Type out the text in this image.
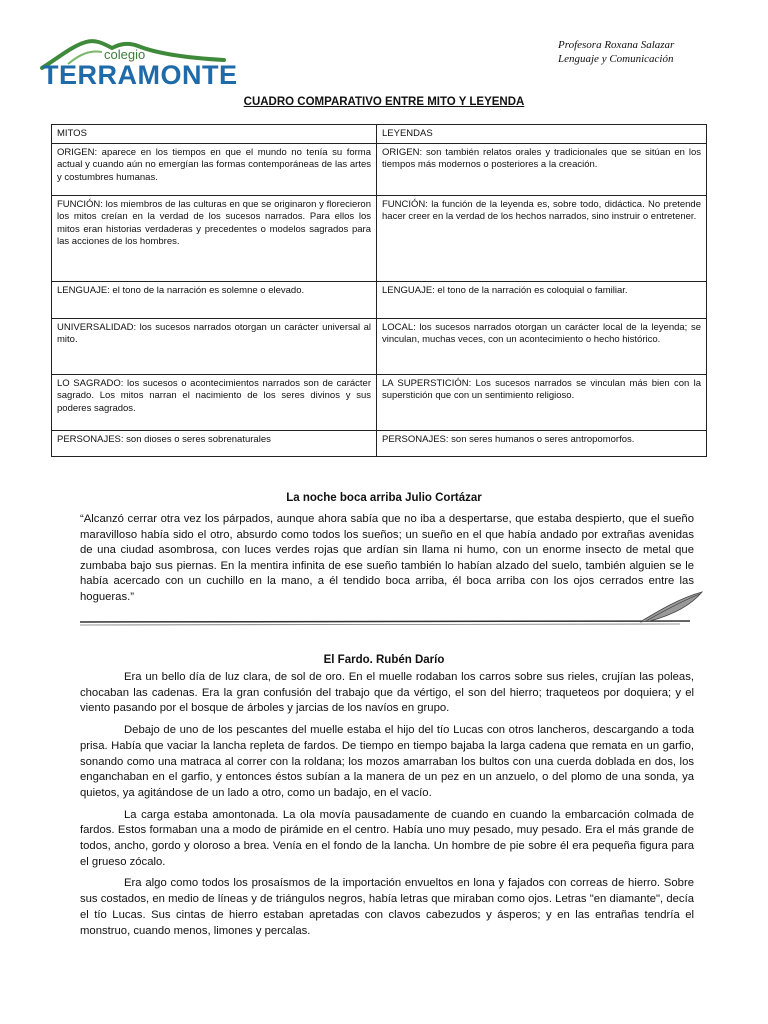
colegio
TERRAMONTE
Profesora Roxana Salazar
Lenguaje y Comunicación
CUADRO COMPARATIVO ENTRE MITO Y LEYENDA
MITOS	LEYENDAS
ORIGEN: aparece en los tiempos en que el mundo no tenía su forma actual y cuando aún no emergían las formas contemporáneas de las artes y costumbres humanas.	ORIGEN: son también relatos orales y tradicionales que se sitúan en los tiempos más modernos o posteriores a la creación.
FUNCIÓN: los miembros de las culturas en que se originaron y florecieron los mitos creían en la verdad de los sucesos narrados. Para ellos los mitos eran historias verdaderas y precedentes o modelos sagrados para las acciones de los hombres.	FUNCIÓN: la función de la leyenda es, sobre todo, didáctica. No pretende hacer creer en la verdad de los hechos narrados, sino instruir o entretener.
LENGUAJE: el tono de la narración es solemne o elevado.	LENGUAJE: el tono de la narración es coloquial o familiar.
UNIVERSALIDAD: los sucesos narrados otorgan un carácter universal al mito.	LOCAL: los sucesos narrados otorgan un carácter local de la leyenda; se vinculan, muchas veces, con un acontecimiento o hecho histórico.
LO SAGRADO: los sucesos o acontecimientos narrados son de carácter sagrado. Los mitos narran el nacimiento de los seres divinos y sus poderes sagrados.	LA SUPERSTICIÓN: Los sucesos narrados se vinculan más bien con la superstición que con un sentimiento religioso.
PERSONAJES: son dioses o seres sobrenaturales	PERSONAJES: son seres humanos o seres antropomorfos.
La noche boca arriba Julio Cortázar
“Alcanzó cerrar otra vez los párpados, aunque ahora sabía que no iba a despertarse, que estaba despierto, que el sueño maravilloso había sido el otro, absurdo como todos los sueños; un sueño en el que había andado por extrañas avenidas de una ciudad asombrosa, con luces verdes rojas que ardían sin llama ni humo, con un enorme insecto de metal que zumbaba bajo sus piernas. En la mentira infinita de ese sueño también lo habían alzado del suelo, también alguien se le había acercado con un cuchillo en la mano, a él tendido boca arriba, él boca arriba con los ojos cerrados entre las hogueras.”
El Fardo. Rubén Darío

Era un bello día de luz clara, de sol de oro. En el muelle rodaban los carros sobre sus rieles, crujían las poleas, chocaban las cadenas. Era la gran confusión del trabajo que da vértigo, el son del hierro; traqueteos por doquiera; y el viento pasando por el bosque de árboles y jarcias de los navíos en grupo.

Debajo de uno de los pescantes del muelle estaba el hijo del tío Lucas con otros lancheros, descargando a toda prisa. Había que vaciar la lancha repleta de fardos. De tiempo en tiempo bajaba la larga cadena que remata en un garfio, sonando como una matraca al correr con la roldana; los mozos amarraban los bultos con una cuerda doblada en dos, los enganchaban en el garfio, y entonces éstos subían a la manera de un pez en un anzuelo, o del plomo de una sonda, ya quietos, ya agitándose de un lado a otro, como un badajo, en el vacío.

La carga estaba amontonada. La ola movía pausadamente de cuando en cuando la embarcación colmada de fardos. Estos formaban una a modo de pirámide en el centro. Había uno muy pesado, muy pesado. Era el más grande de todos, ancho, gordo y oloroso a brea. Venía en el fondo de la lancha. Un hombre de pie sobre él era pequeña figura para el grueso zócalo.

Era algo como todos los prosaísmos de la importación envueltos en lona y fajados con correas de hierro. Sobre sus costados, en medio de líneas y de triángulos negros, había letras que miraban como ojos. Letras "en diamante", decía el tío Lucas. Sus cintas de hierro estaban apretadas con clavos cabezudos y ásperos; y en las entrañas tendría el monstruo, cuando menos, limones y percalas.
